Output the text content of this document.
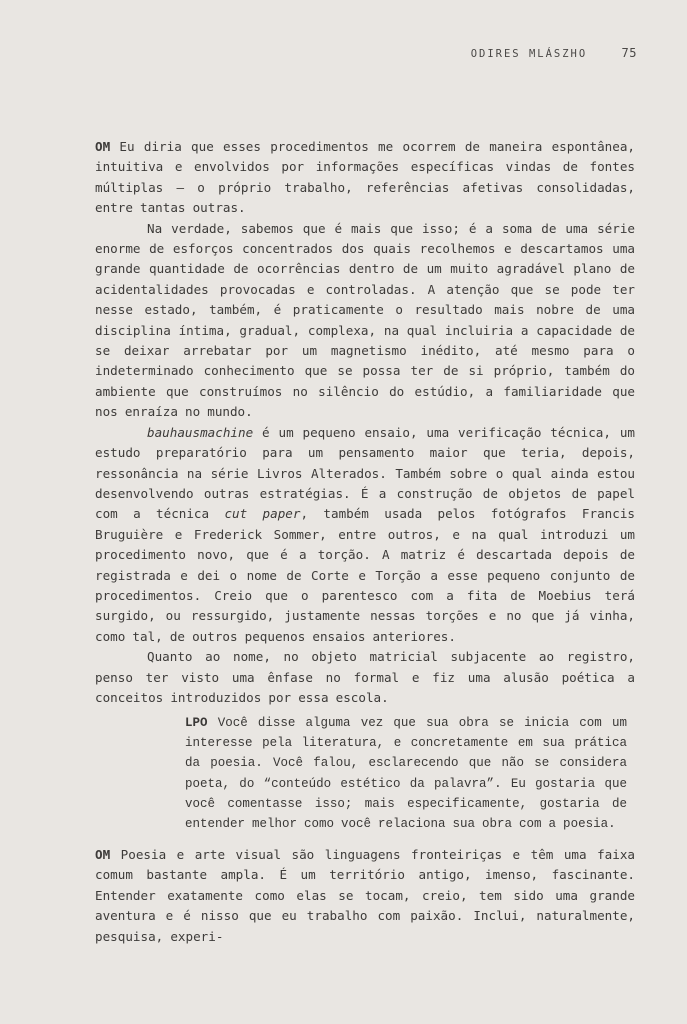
ODIRES MLÁSZHO	75

OM Eu diria que esses procedimentos me ocorrem de maneira espontânea, intuitiva e envolvidos por informações específicas vindas de fontes múltiplas – o próprio trabalho, referências afetivas consolidadas, entre tantas outras.

Na verdade, sabemos que é mais que isso; é a soma de uma série enorme de esforços concentrados dos quais recolhemos e descartamos uma grande quantidade de ocorrências dentro de um muito agradável plano de acidentalidades provocadas e controladas. A atenção que se pode ter nesse estado, também, é praticamente o resultado mais nobre de uma disciplina íntima, gradual, complexa, na qual incluiria a capacidade de se deixar arrebatar por um magnetismo inédito, até mesmo para o indeterminado conhecimento que se possa ter de si próprio, também do ambiente que construímos no silêncio do estúdio, a familiaridade que nos enraíza no mundo.

bauhausmachine é um pequeno ensaio, uma verificação técnica, um estudo preparatório para um pensamento maior que teria, depois, ressonância na série Livros Alterados. Também sobre o qual ainda estou desenvolvendo outras estratégias. É a construção de objetos de papel com a técnica cut paper, também usada pelos fotógrafos Francis Bruguière e Frederick Sommer, entre outros, e na qual introduzi um procedimento novo, que é a torção. A matriz é descartada depois de registrada e dei o nome de Corte e Torção a esse pequeno conjunto de procedimentos. Creio que o parentesco com a fita de Moebius terá surgido, ou ressurgido, justamente nessas torções e no que já vinha, como tal, de outros pequenos ensaios anteriores.

Quanto ao nome, no objeto matricial subjacente ao registro, penso ter visto uma ênfase no formal e fiz uma alusão poética a conceitos introduzidos por essa escola.

LPO Você disse alguma vez que sua obra se inicia com um interesse pela literatura, e concretamente em sua prática da poesia. Você falou, esclarecendo que não se considera poeta, do “conteúdo estético da palavra”. Eu gostaria que você comentasse isso; mais especificamente, gostaria de entender melhor como você relaciona sua obra com a poesia.

OM Poesia e arte visual são linguagens fronteiriças e têm uma faixa comum bastante ampla. É um território antigo, imenso, fascinante. Entender exatamente como elas se tocam, creio, tem sido uma grande aventura e é nisso que eu trabalho com paixão. Inclui, naturalmente, pesquisa, experi-
